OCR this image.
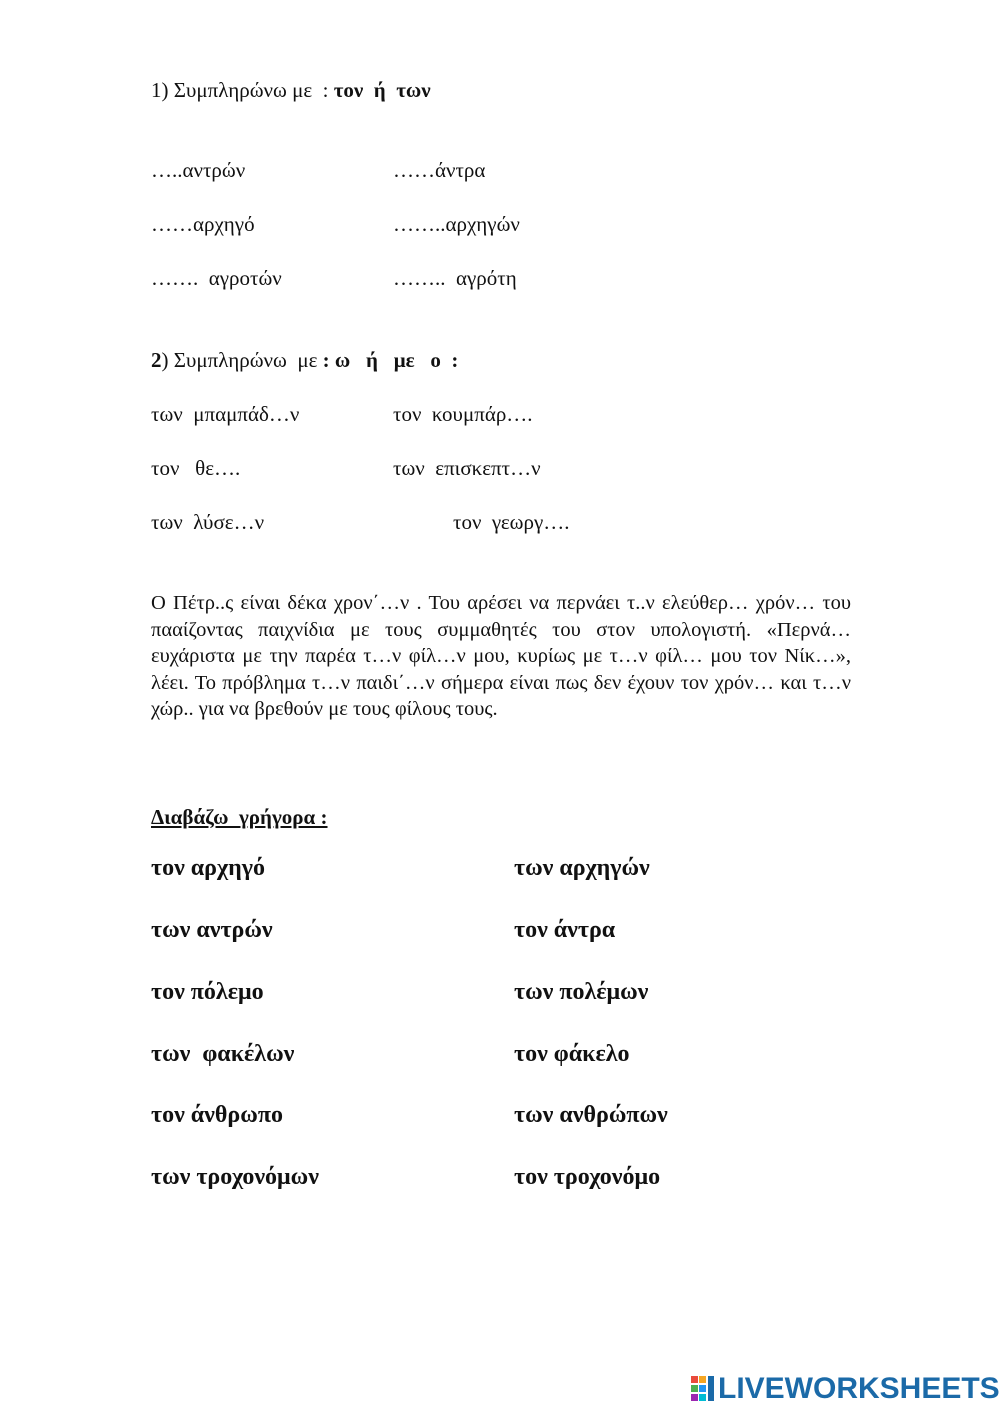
1) Συμπληρώνω με  : τον  ή  των
…..αντρών	……άντρα
……αρχηγό	……..αρχηγών
…….  αγροτών	……..  αγρότη
2) Συμπληρώνω  με : ω   ή   με   ο  :
των  μπαμπάδ…ν	τον  κουμπάρ….
τον   θε….	των  επισκεπτ…ν
των  λύσε…ν	τον  γεωργ….

Ο Πέτρ..ς είναι δέκα χρον΄…ν . Του αρέσει να περνάει τ..ν ελεύθερ… χρόν… του πααίζοντας παιχνίδια με τους συμμαθητές του στον υπολογιστή. «Περνά… ευχάριστα με την παρέα τ…ν φίλ…ν μου, κυρίως με τ…ν φίλ… μου τον Νίκ…», λέει. Το πρόβλημα τ…ν παιδι΄…ν σήμερα είναι πως δεν έχουν τον χρόν… και τ…ν χώρ.. για να βρεθούν με τους φίλους τους.

Διαβάζω  γρήγορα :
τον αρχηγό	των αρχηγών
των αντρών	τον άντρα
τον πόλεμο	των πολέμων
των  φακέλων	τον φάκελο
τον άνθρωπο	των ανθρώπων
των τροχονόμων	τον τροχονόμο
LIVEWORKSHEETS
